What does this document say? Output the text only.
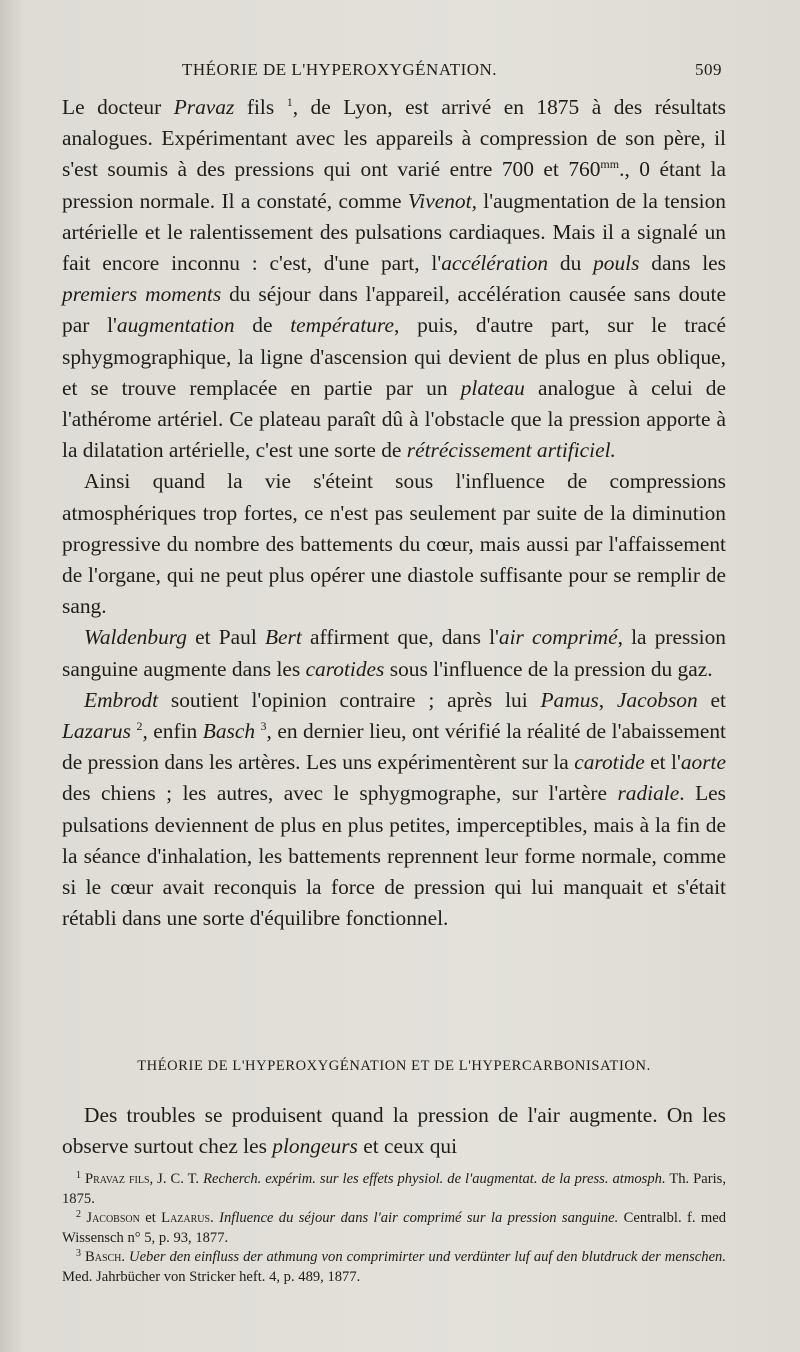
THÉORIE DE L'HYPEROXYGÉNATION.	509

Le docteur Pravaz fils $^1$, de Lyon, est arrivé en 1875 à des résultats analogues. Expérimentant avec les appareils à compression de son père, il s'est soumis à des pressions qui ont varié entre 700 et $760^{mm}$., 0 étant la pression normale. Il a constaté, comme Vivenot, l'augmentation de la tension artérielle et le ralentissement des pulsations cardiaques. Mais il a signalé un fait encore inconnu : c'est, d'une part, l'accélération du pouls dans les premiers moments du séjour dans l'appareil, accélération causée sans doute par l'augmentation de température, puis, d'autre part, sur le tracé sphygmographique, la ligne d'ascension qui devient de plus en plus oblique, et se trouve remplacée en partie par un plateau analogue à celui de l'athérome artériel. Ce plateau paraît dû à l'obstacle que la pression apporte à la dilatation artérielle, c'est une sorte de rétrécissement artificiel.

Ainsi quand la vie s'éteint sous l'influence de compressions atmosphériques trop fortes, ce n'est pas seulement par suite de la diminution progressive du nombre des battements du cœur, mais aussi par l'affaissement de l'organe, qui ne peut plus opérer une diastole suffisante pour se remplir de sang.

Waldenburg et Paul Bert affirment que, dans l'air comprimé, la pression sanguine augmente dans les carotides sous l'influence de la pression du gaz.

Embrodt soutient l'opinion contraire ; après lui Pamus, Jacobson et Lazarus $^2$, enfin Basch $^3$, en dernier lieu, ont vérifié la réalité de l'abaissement de pression dans les artères. Les uns expérimentèrent sur la carotide et l'aorte des chiens ; les autres, avec le sphygmographe, sur l'artère radiale. Les pulsations deviennent de plus en plus petites, imperceptibles, mais à la fin de la séance d'inhalation, les battements reprennent leur forme normale, comme si le cœur avait reconquis la force de pression qui lui manquait et s'était rétabli dans une sorte d'équilibre fonctionnel.

THÉORIE DE L'HYPEROXYGÉNATION ET DE L'HYPERCARBONISATION.

Des troubles se produisent quand la pression de l'air augmente. On les observe surtout chez les plongeurs et ceux qui

$^1$ Pravaz fils, J. C. T. Recherch. expérim. sur les effets physiol. de l'augmentat. de la press. atmosph. Th. Paris, 1875.

$^2$ Jacobson et Lazarus. Influence du séjour dans l'air comprimé sur la pression sanguine. Centralbl. f. med Wissensch n° 5, p. 93, 1877.

$^3$ Basch. Ueber den einfluss der athmung von comprimirter und verdünter luf auf den blutdruck der menschen. Med. Jahrbücher von Stricker heft. 4, p. 489, 1877.
